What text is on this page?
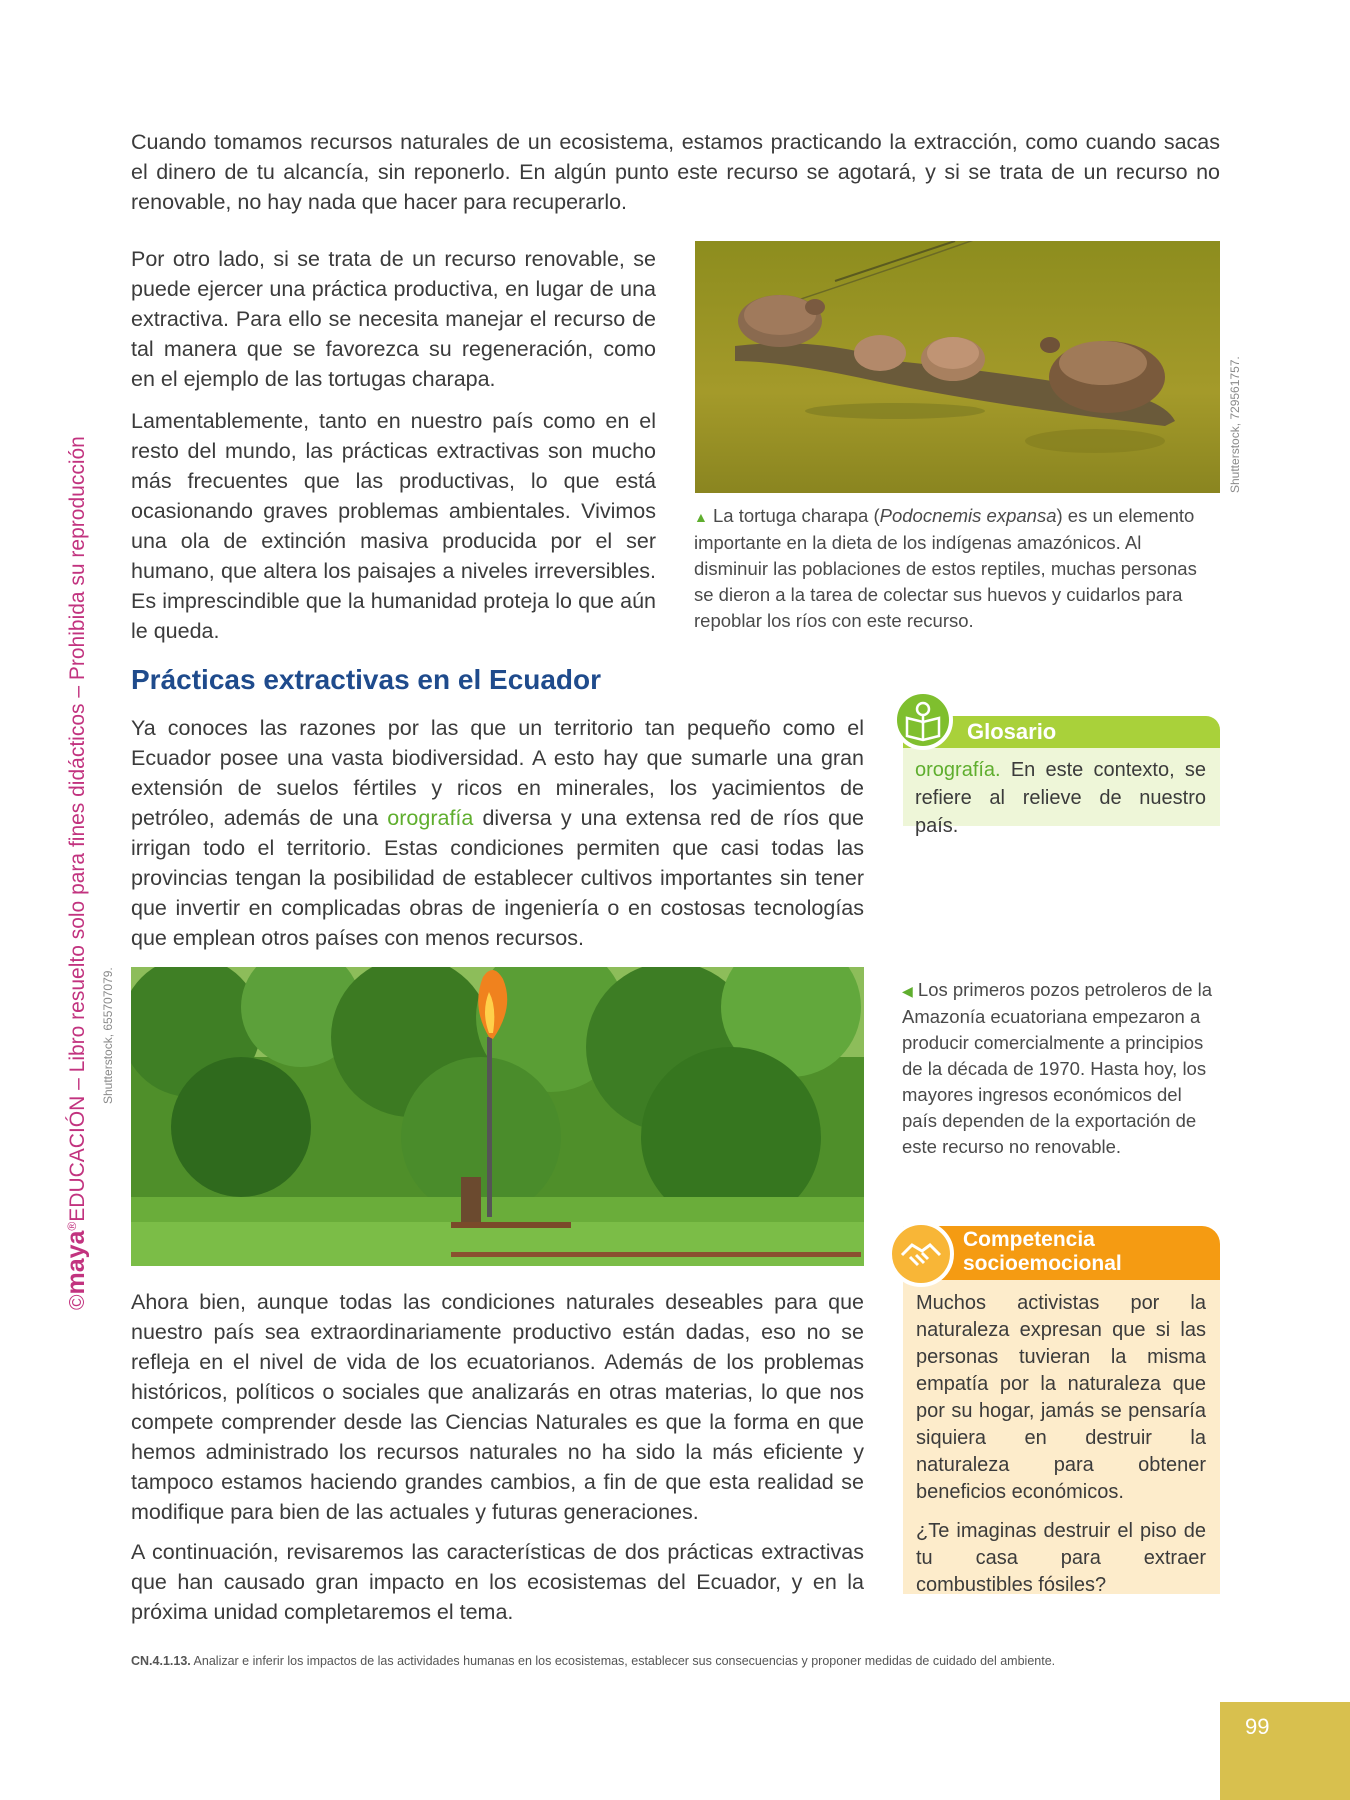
Cuando tomamos recursos naturales de un ecosistema, estamos practicando la extracción, como cuando sacas el dinero de tu alcancía, sin reponerlo. En algún punto este recurso se agotará, y si se trata de un recurso no renovable, no hay nada que hacer para recuperarlo.

Por otro lado, si se trata de un recurso renovable, se puede ejercer una práctica productiva, en lugar de una extractiva. Para ello se necesita manejar el recurso de tal manera que se favorezca su regeneración, como en el ejemplo de las tortugas charapa.

Lamentablemente, tanto en nuestro país como en el resto del mundo, las prácticas extractivas son mucho más frecuentes que las productivas, lo que está ocasionando graves problemas ambientales. Vivimos una ola de extinción masiva producida por el ser humano, que altera los paisajes a niveles irreversibles. Es imprescindible que la humanidad proteja lo que aún le queda.

Shutterstock, 729561757.

▲ La tortuga charapa (Podocnemis expansa) es un elemento importante en la dieta de los indígenas amazónicos. Al disminuir las poblaciones de estos reptiles, muchas personas se dieron a la tarea de colectar sus huevos y cuidarlos para repoblar los ríos con este recurso.

Prácticas extractivas en el Ecuador

Ya conoces las razones por las que un territorio tan pequeño como el Ecuador posee una vasta biodiversidad. A esto hay que sumarle una gran extensión de suelos fértiles y ricos en minerales, los yacimientos de petróleo, además de una orografía diversa y una extensa red de ríos que irrigan todo el territorio. Estas condiciones permiten que casi todas las provincias tengan la posibilidad de establecer cultivos importantes sin tener que invertir en complicadas obras de ingeniería o en costosas tecnologías que emplean otros países con menos recursos.

Glosario

orografía. En este contexto, se refiere al relieve de nuestro país.

Shutterstock, 655707079.	◀ Los primeros pozos petroleros de la Amazonía ecuatoriana empezaron a producir comercialmente a principios de la década de 1970. Hasta hoy, los mayores ingresos económicos del país dependen de la exportación de este recurso no renovable.

Competencia
socioemocional

Muchos activistas por la naturaleza expresan que si las personas tuvieran la misma empatía por la naturaleza que por su hogar, jamás se pensaría siquiera en destruir la naturaleza para obtener beneficios económicos.

¿Te imaginas destruir el piso de tu casa para extraer combustibles fósiles?

Ahora bien, aunque todas las condiciones naturales deseables para que nuestro país sea extraordinariamente productivo están dadas, eso no se refleja en el nivel de vida de los ecuatorianos. Además de los problemas históricos, políticos o sociales que analizarás en otras materias, lo que nos compete comprender desde las Ciencias Naturales es que la forma en que hemos administrado los recursos naturales no ha sido la más eficiente y tampoco estamos haciendo grandes cambios, a fin de que esta realidad se modifique para bien de las actuales y futuras generaciones.

A continuación, revisaremos las características de dos prácticas extractivas que han causado gran impacto en los ecosistemas del Ecuador, y en la próxima unidad completaremos el tema.

CN.4.1.13. Analizar e inferir los impactos de las actividades humanas en los ecosistemas, establecer sus consecuencias y proponer medidas de cuidado del ambiente.
©maya®EDUCACIÓN – Libro resuelto solo para fines didácticos – Prohibida su reproducción
99
